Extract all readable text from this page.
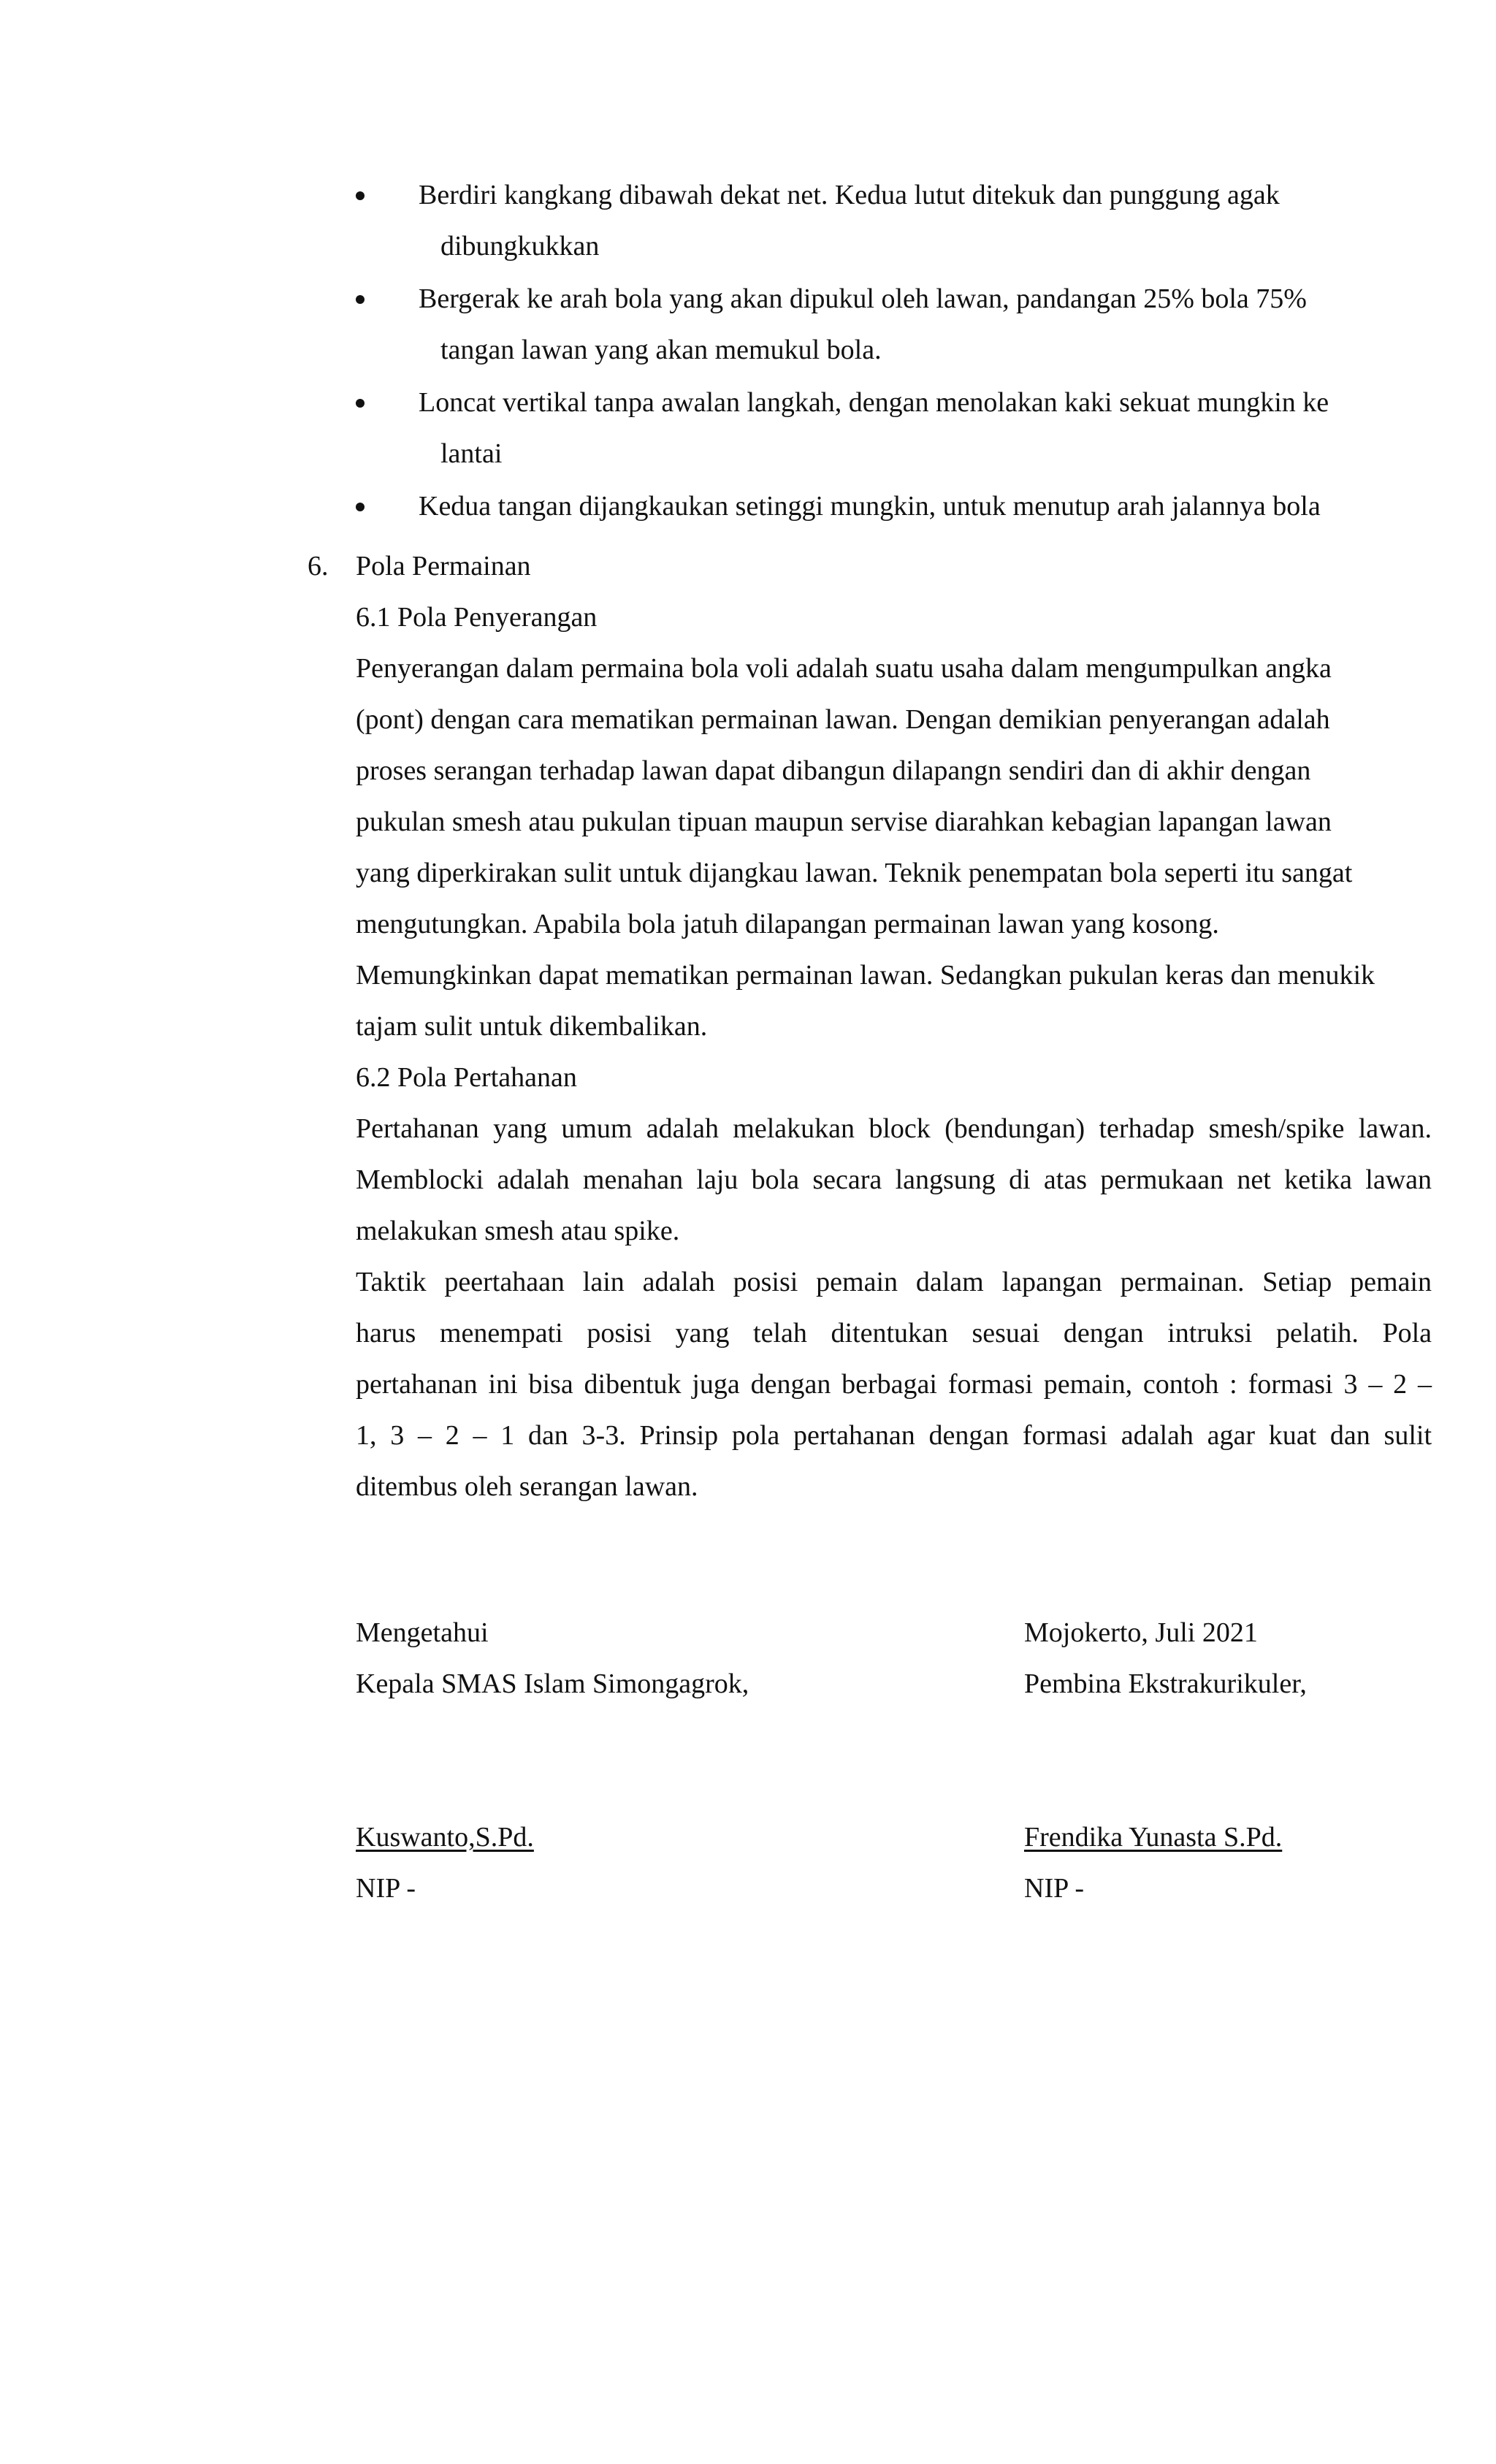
Berdiri kangkang dibawah dekat net. Kedua lutut ditekuk dan punggung agak
dibungkukkan
Bergerak ke arah bola yang akan dipukul oleh lawan, pandangan 25% bola 75%
tangan lawan yang akan memukul bola.
Loncat vertikal tanpa awalan langkah, dengan menolakan kaki sekuat mungkin ke
lantai
Kedua tangan dijangkaukan setinggi mungkin, untuk menutup arah jalannya bola
6. Pola Permainan
6.1 Pola Penyerangan
Penyerangan dalam permaina bola voli adalah suatu usaha dalam mengumpulkan angka
(pont) dengan cara mematikan permainan lawan. Dengan demikian penyerangan adalah
proses serangan terhadap lawan dapat dibangun dilapangn sendiri dan di akhir dengan
pukulan smesh atau pukulan tipuan maupun servise diarahkan kebagian lapangan lawan
yang diperkirakan sulit untuk dijangkau lawan. Teknik penempatan bola seperti itu sangat
mengutungkan. Apabila bola jatuh dilapangan permainan lawan yang kosong.
Memungkinkan dapat mematikan permainan lawan. Sedangkan pukulan keras dan menukik
tajam sulit untuk dikembalikan.
6.2 Pola Pertahanan
Pertahanan yang umum adalah melakukan block (bendungan) terhadap smesh/spike lawan.
Memblocki adalah menahan laju bola secara langsung di atas permukaan net ketika lawan
melakukan smesh atau spike.
Taktik peertahaan lain adalah posisi pemain dalam lapangan permainan. Setiap pemain
harus menempati posisi yang telah ditentukan sesuai dengan intruksi pelatih. Pola
pertahanan ini bisa dibentuk juga dengan berbagai formasi pemain, contoh : formasi 3 – 2 –
1, 3 – 2 – 1 dan 3-3. Prinsip pola pertahanan dengan formasi adalah agar kuat dan sulit
ditembus oleh serangan lawan.
Mengetahui
Kepala SMAS Islam Simongagrok,
Kuswanto,S.Pd.
NIP -
Mojokerto, Juli 2021
Pembina Ekstrakurikuler,
Frendika Yunasta S.Pd.
NIP -
